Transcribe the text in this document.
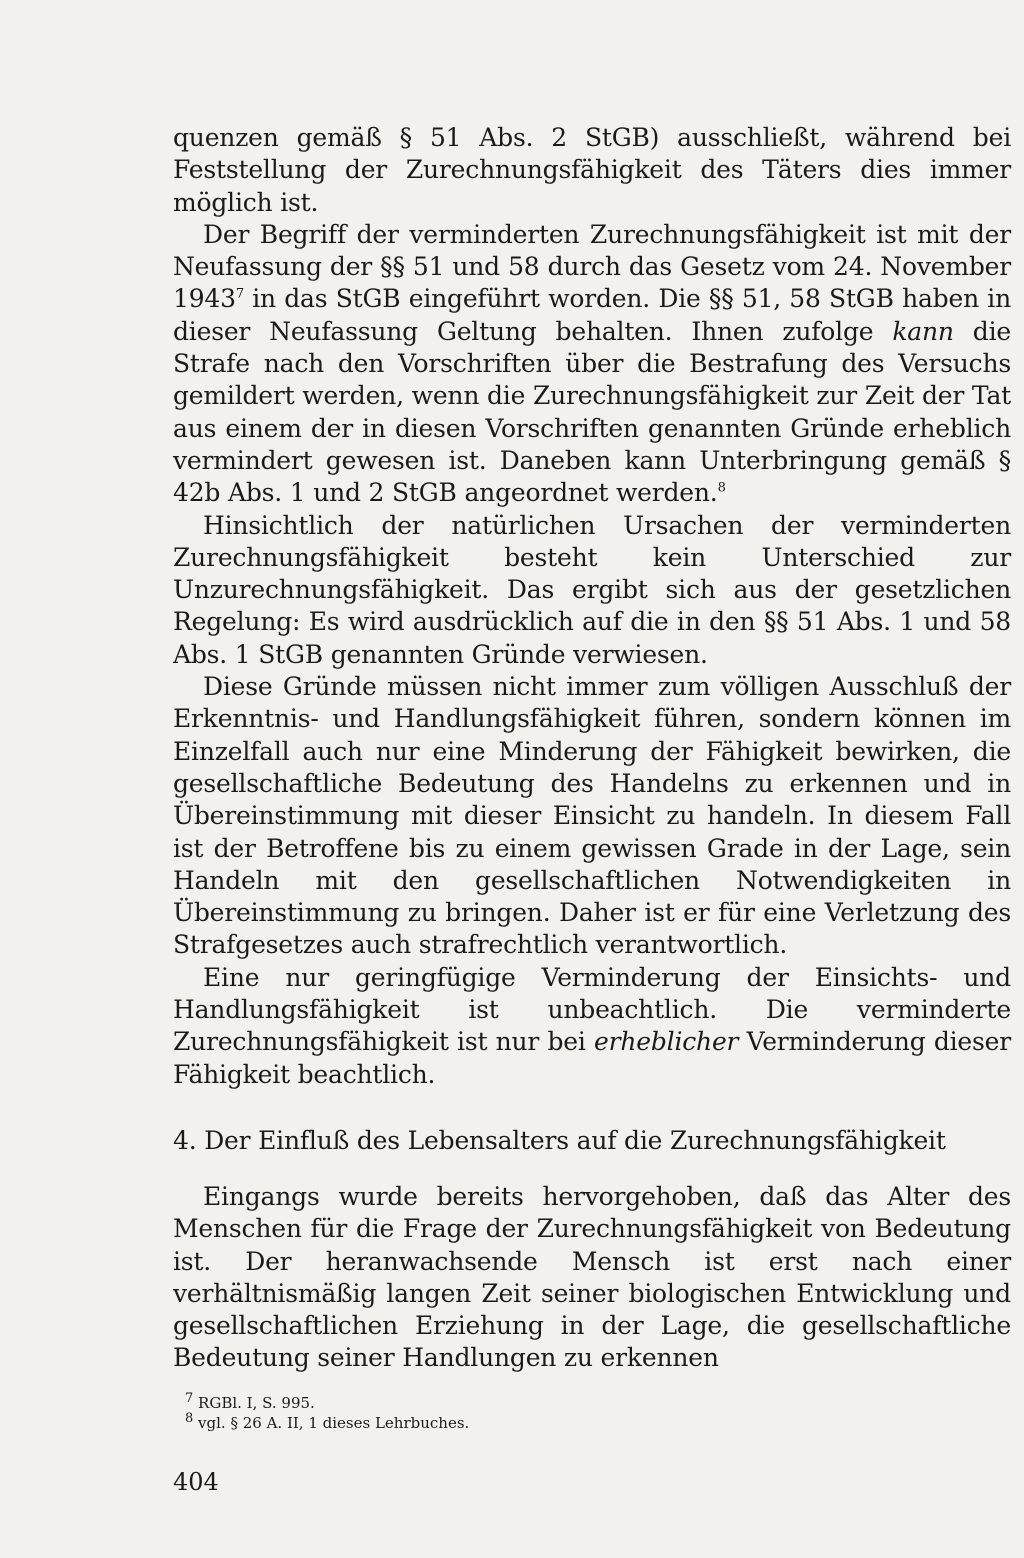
quenzen gemäß § 51 Abs. 2 StGB) ausschließt, während bei Feststellung der Zurechnungsfähigkeit des Täters dies immer möglich ist.

Der Begriff der verminderten Zurechnungsfähigkeit ist mit der Neufassung der §§ 51 und 58 durch das Gesetz vom 24. November 1943$^7$ in das StGB eingeführt worden. Die §§ 51, 58 StGB haben in dieser Neufassung Geltung behalten. Ihnen zufolge kann die Strafe nach den Vorschriften über die Bestrafung des Versuchs gemildert werden, wenn die Zurechnungsfähigkeit zur Zeit der Tat aus einem der in diesen Vorschriften genannten Gründe erheblich vermindert gewesen ist. Daneben kann Unterbringung gemäß § 42b Abs. 1 und 2 StGB angeordnet werden.$^8$

Hinsichtlich der natürlichen Ursachen der verminderten Zurechnungsfähigkeit besteht kein Unterschied zur Unzurechnungsfähigkeit. Das ergibt sich aus der gesetzlichen Regelung: Es wird ausdrücklich auf die in den §§ 51 Abs. 1 und 58 Abs. 1 StGB genannten Gründe verwiesen.

Diese Gründe müssen nicht immer zum völligen Ausschluß der Erkenntnis- und Handlungsfähigkeit führen, sondern können im Einzelfall auch nur eine Minderung der Fähigkeit bewirken, die gesellschaftliche Bedeutung des Handelns zu erkennen und in Übereinstimmung mit dieser Einsicht zu handeln. In diesem Fall ist der Betroffene bis zu einem gewissen Grade in der Lage, sein Handeln mit den gesellschaftlichen Notwendigkeiten in Übereinstimmung zu bringen. Daher ist er für eine Verletzung des Strafgesetzes auch strafrechtlich verantwortlich.

Eine nur geringfügige Verminderung der Einsichts- und Handlungsfähigkeit ist unbeachtlich. Die verminderte Zurechnungsfähigkeit ist nur bei erheblicher Verminderung dieser Fähigkeit beachtlich.

4. Der Einfluß des Lebensalters auf die Zurechnungsfähigkeit

Eingangs wurde bereits hervorgehoben, daß das Alter des Menschen für die Frage der Zurechnungsfähigkeit von Bedeutung ist. Der heranwachsende Mensch ist erst nach einer verhältnismäßig langen Zeit seiner biologischen Entwicklung und gesellschaftlichen Erziehung in der Lage, die gesellschaftliche Bedeutung seiner Handlungen zu erkennen

$^7$ RGBl. I, S. 995.

$^8$ vgl. § 26 A. II, 1 dieses Lehrbuches.

404
